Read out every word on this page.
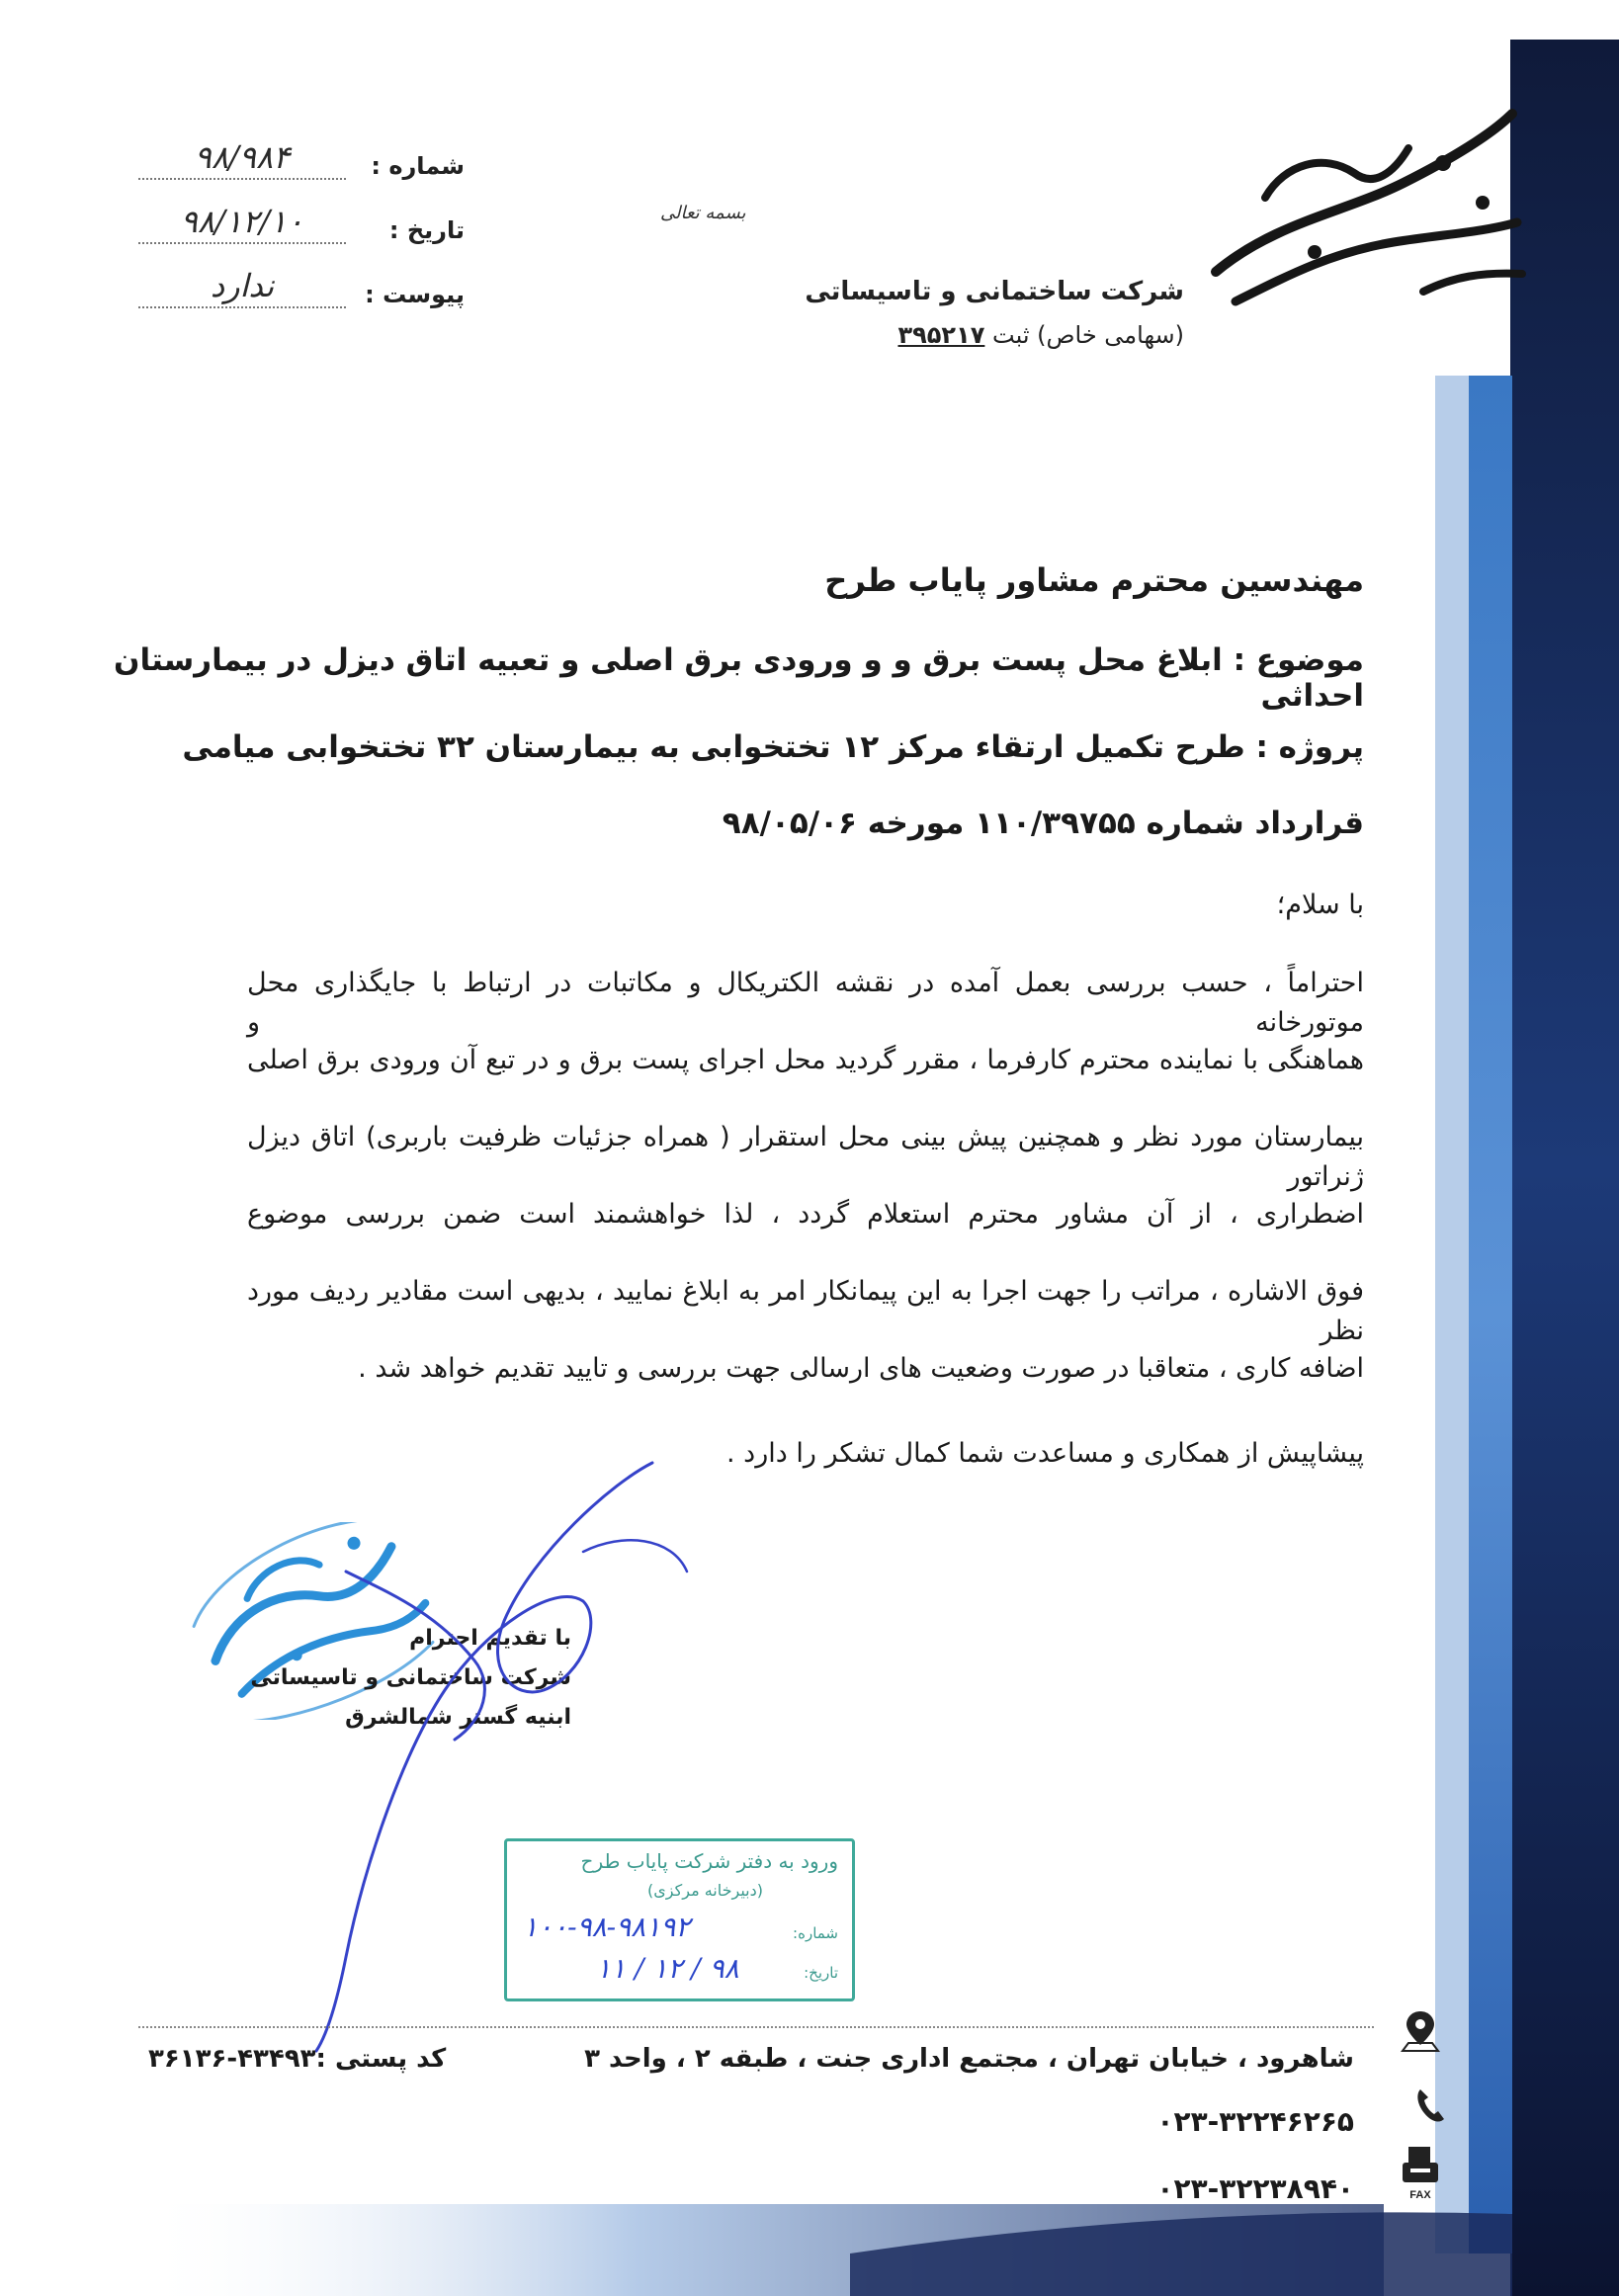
شرکت ساختمانی و تاسیساتی
(سهامی خاص) ثبت ۳۹۵۲۱۷
بسمه تعالی
شماره :
۹۸/۹۸۴
تاریخ :
۹۸/۱۲/۱۰
پیوست :
ندارد
مهندسین محترم مشاور پایاب طرح
موضوع : ابلاغ محل پست برق و و ورودی برق اصلی و تعبیه اتاق دیزل در بیمارستان احداثی
پروژه : طرح تکمیل ارتقاء مرکز ۱۲ تختخوابی به بیمارستان ۳۲ تختخوابی میامی
قرارداد شماره ۱۱۰/۳۹۷۵۵ مورخه ۹۸/۰۵/۰۶
با سلام؛
احتراماً ، حسب بررسی بعمل آمده در نقشه الکتریکال و مکاتبات در ارتباط با جایگذاری محل موتورخانه و
هماهنگی با نماینده محترم کارفرما ، مقرر گردید محل اجرای پست برق و در تبع آن ورودی برق اصلی
بیمارستان مورد نظر و همچنین پیش بینی محل استقرار ( همراه جزئیات ظرفیت باربری) اتاق دیزل ژنراتور
اضطراری ، از آن مشاور محترم استعلام گردد ، لذا خواهشمند است ضمن بررسی موضوع
فوق الاشاره ، مراتب را جهت اجرا به این پیمانکار امر به ابلاغ نمایید ، بدیهی است مقادیر ردیف مورد نظر
اضافه کاری ، متعاقبا در صورت وضعیت های ارسالی جهت بررسی و تایید تقدیم خواهد شد .
پیشاپیش از همکاری و مساعدت شما کمال تشکر را دارد .
با تقدیم احترام
شرکت ساختمانی و تاسیساتی
ابنیه گستر شمالشرق
ورود به دفتر شرکت پایاب طرح
(دبیرخانه مرکزی)
شماره:
۱۰۰-۹۸-۹۸۱۹۲
تاریخ:
۹۸ / ۱۲ / ۱۱
FAX
شاهرود ، خیابان تهران ، مجتمع اداری جنت ، طبقه ۲ ، واحد ۳
کد پستی :۴۳۴۹۳-۳۶۱۳۶
۰۲۳-۳۲۲۴۶۲۶۵
۰۲۳-۳۲۲۳۸۹۴۰
